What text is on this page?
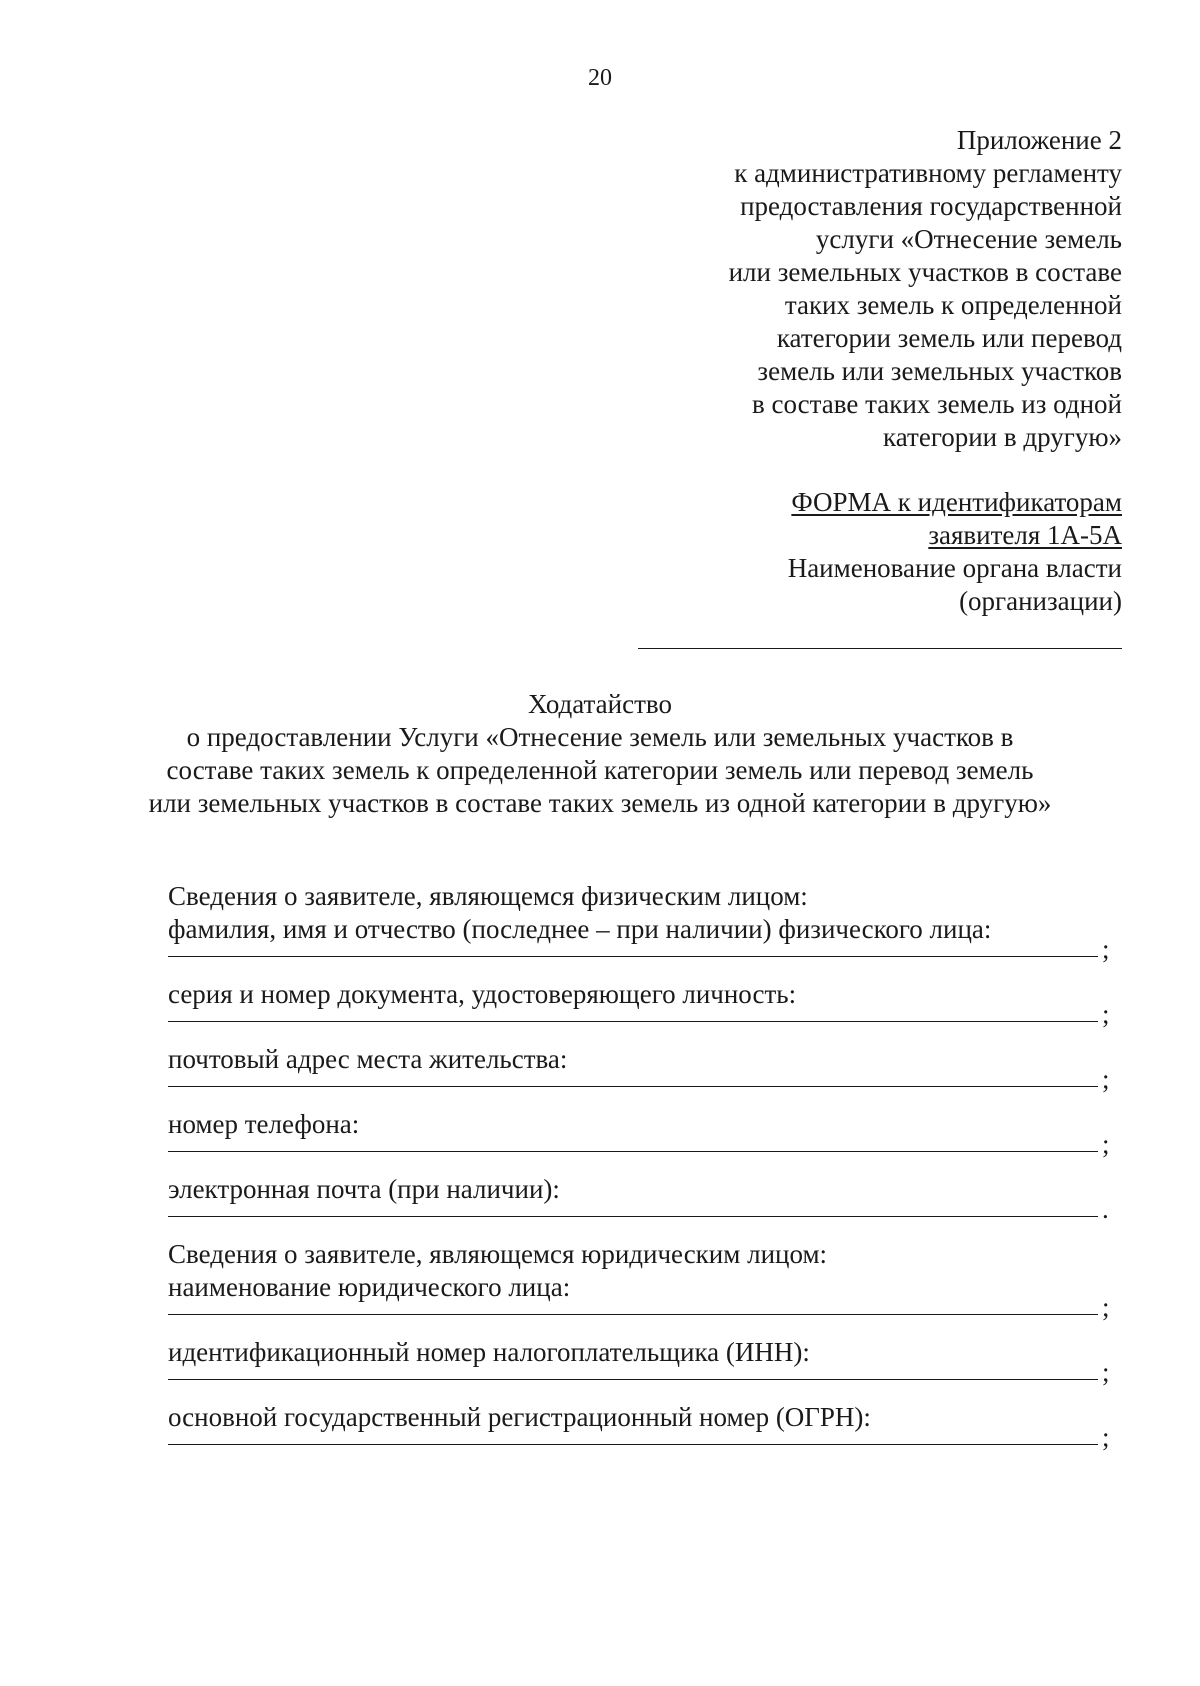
20
Приложение 2
к административному регламенту
предоставления государственной
услуги «Отнесение земель
или земельных участков в составе
таких земель к определенной
категории земель или перевод
земель или земельных участков
в составе таких земель из одной
категории в другую»
ФОРМА к идентификаторам
заявителя 1А-5А
Наименование органа власти
(организации)
Ходатайство
о предоставлении Услуги «Отнесение земель или земельных участков в
составе таких земель к определенной категории земель или перевод земель
или земельных участков в составе таких земель из одной категории в другую»
Сведения о заявителе, являющемся физическим лицом:
фамилия, имя и отчество (последнее – при наличии) физического лица:
;
серия и номер документа, удостоверяющего личность:
;
почтовый адрес места жительства:
;
номер телефона:
;
электронная почта (при наличии):
.
Сведения о заявителе, являющемся юридическим лицом:
наименование юридического лица:
;
идентификационный номер налогоплательщика (ИНН):
;
основной государственный регистрационный номер (ОГРН):
;
